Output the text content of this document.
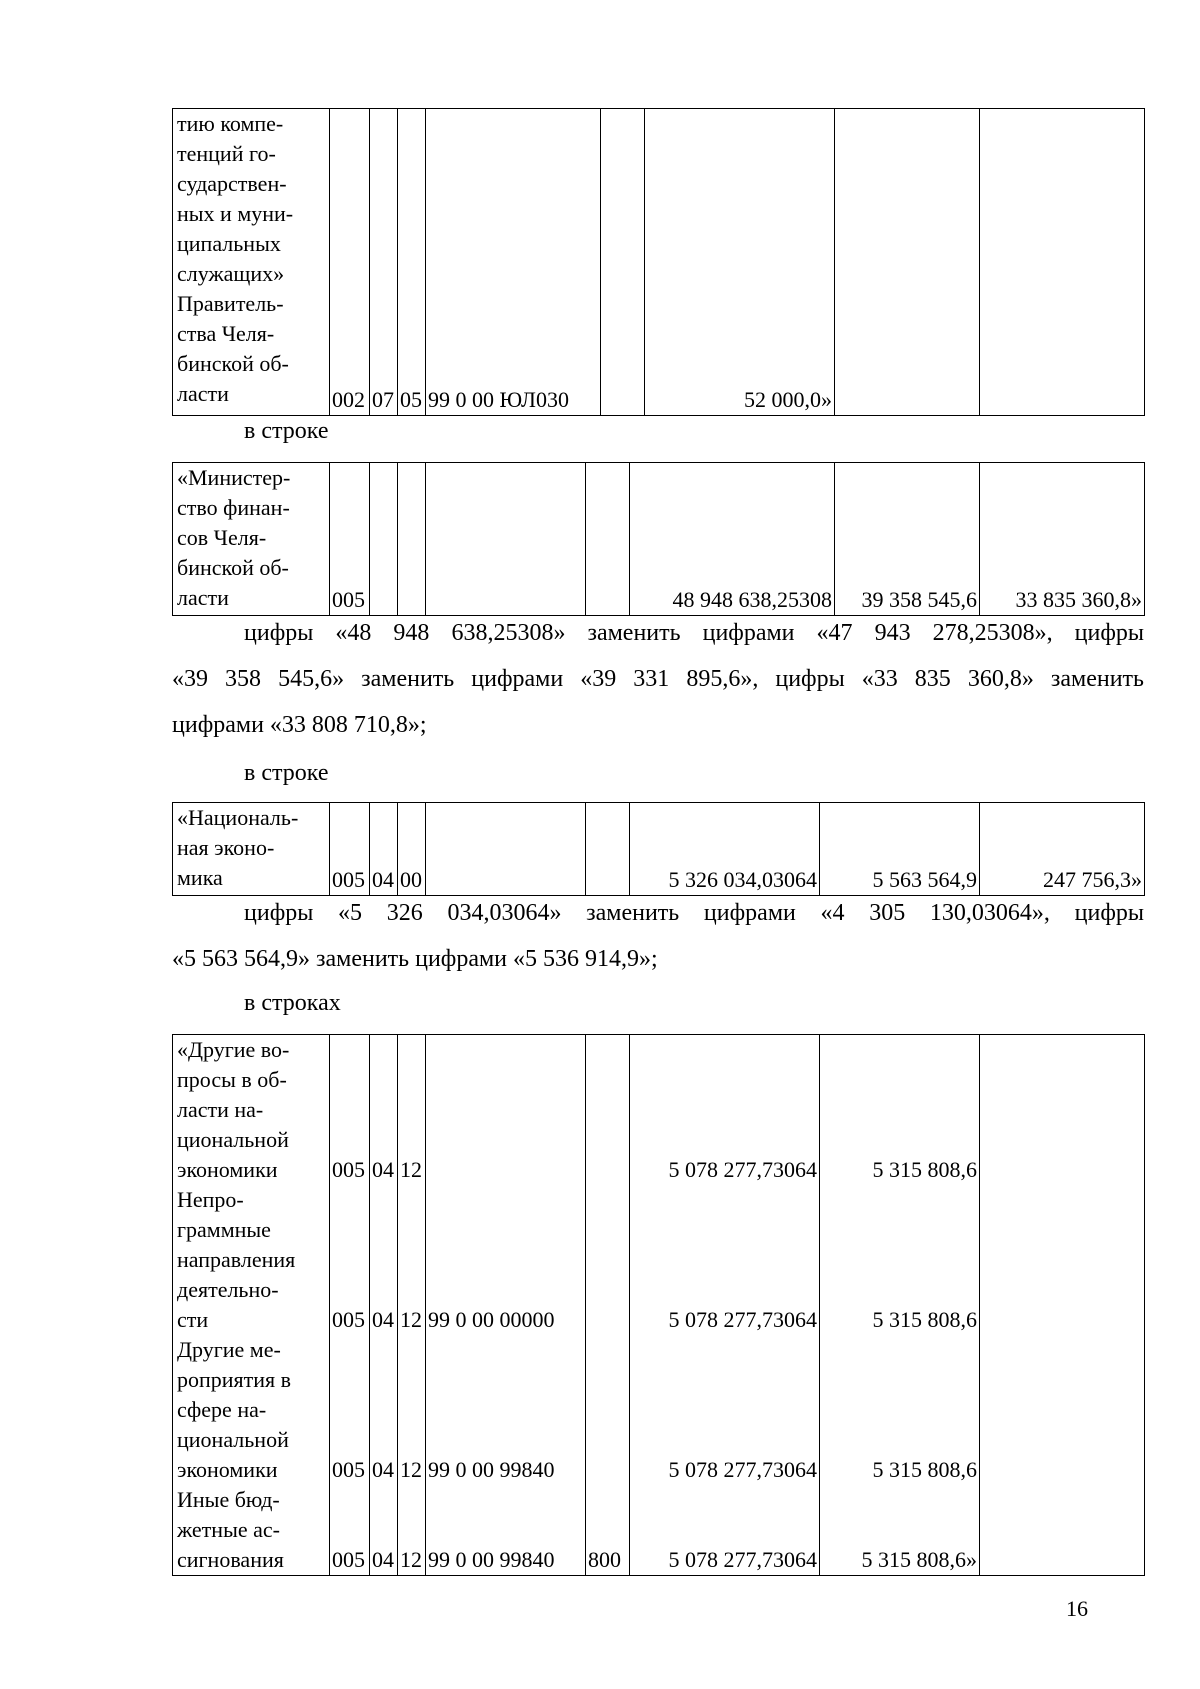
тию компе-
тенций го-
сударствен-
ных и муни-
ципальных
служащих»
Правитель-
ства Челя-
бинской об-
ласти	002	07	05	99 0 00 ЮЛ030		52 000,0»		
в строке
«Министер-
ство финан-
сов Челя-
бинской об-
ласти	005					48 948 638,25308	39 358 545,6	33 835 360,8»
цифры «48 948 638,25308» заменить цифрами «47 943 278,25308», цифры
«39 358 545,6» заменить цифрами «39 331 895,6», цифры «33 835 360,8» заменить
цифрами «33 808 710,8»;
в строке
«Националь-
ная эконо-
мика	005	04	00			5 326 034,03064	5 563 564,9	247 756,3»
цифры «5 326 034,03064» заменить цифрами «4 305 130,03064», цифры
«5 563 564,9» заменить цифрами «5 536 914,9»;
в строках
«Другие во-
просы в об-
ласти на-
циональной
экономики	005	04	12			5 078 277,73064	5 315 808,6	

Непро-
граммные
направления
деятельно-
сти	005	04	12	99 0 00 00000		5 078 277,73064	5 315 808,6	

Другие ме-
роприятия в
сфере на-
циональной
экономики	005	04	12	99 0 00 99840		5 078 277,73064	5 315 808,6	

Иные бюд-
жетные ас-
сигнования	005	04	12	99 0 00 99840	800	5 078 277,73064	5 315 808,6»	
16
